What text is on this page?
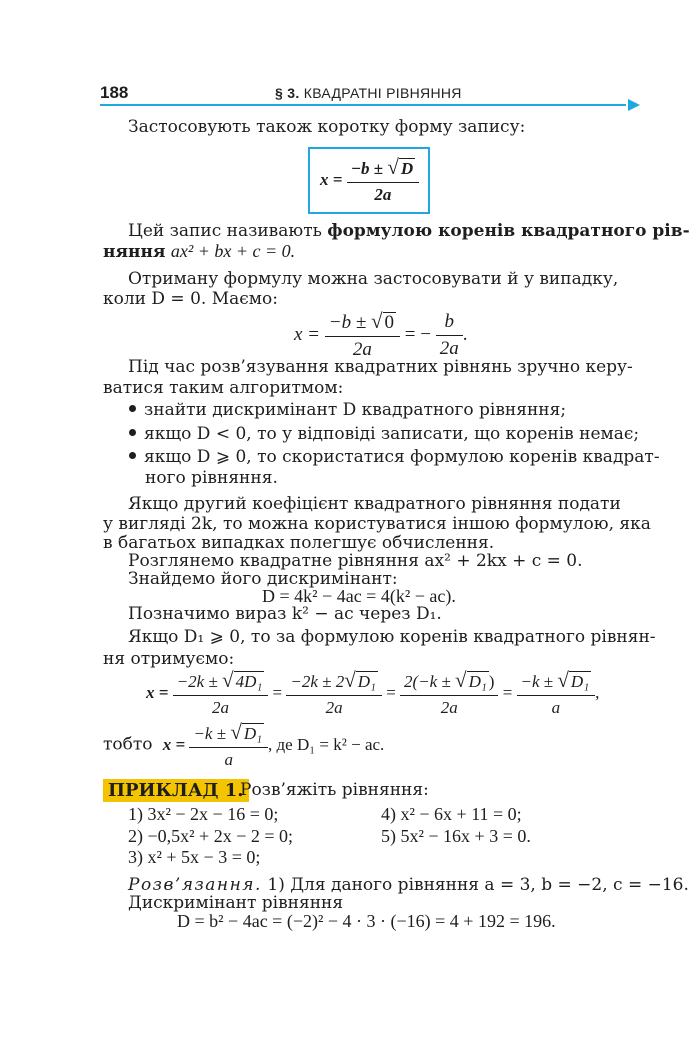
188	§ 3. КВАДРАТНІ РІВНЯННЯ
Застосовують також коротку форму запису:
$x = \frac{-b \pm √ D}{2a}$
Цей запис називають формулою коренів квадратного рів-
няння ax² + bx + c = 0.
Отриману формулу можна застосовувати й у випадку,
коли D = 0. Маємо:
$x = \frac{-b \pm √ 0}{2a}$ = − $\frac{b}{2a}$ .
Під час розв’язування квадратних рівнянь зручно керу-
ватися таким алгоритмом:
знайти дискримінант D квадратного рівняння;
якщо D < 0, то у відповіді записати, що коренів немає;
якщо D ⩾ 0, то скористатися формулою коренів квадрат-
ного рівняння.
Якщо другий коефіцієнт квадратного рівняння подати
у вигляді 2k, то можна користуватися іншою формулою, яка
в багатьох випадках полегшує обчислення.
Розглянемо квадратне рівняння ax² + 2kx + c = 0.
Знайдемо його дискримінант:
D = 4k² − 4ac = 4(k² − ac).
Позначимо вираз k² − ac через D₁.
Якщо D₁ ⩾ 0, то за формулою коренів квадратного рівнян-
ня отримуємо:
$x = \frac{\text{−2k ± √ 4D₁}}{2a} = \frac{\text{−2k ± 2√ D₁}}{2a} = \frac{\text{2(−k ± √ D₁ )}}{2a} = \frac{\text{−k ± √ D₁}}{a}$ ,
тобто $x = \frac{\text{−k ± √ D₁}}{a}$ , де D₁ = k² − ac.
ПРИКЛАД 1.
Розв’яжіть рівняння:
1) 3x² − 2x − 16 = 0;
2) −0,5x² + 2x − 2 = 0;
3) x² + 5x − 3 = 0;
4) x² − 6x + 11 = 0;
5) 5x² − 16x + 3 = 0.
Розв’язання. 1) Для даного рівняння a = 3, b = −2, c = −16.
Дискримінант рівняння
D = b² − 4ac = (−2)² − 4 · 3 · (−16) = 4 + 192 = 196.
